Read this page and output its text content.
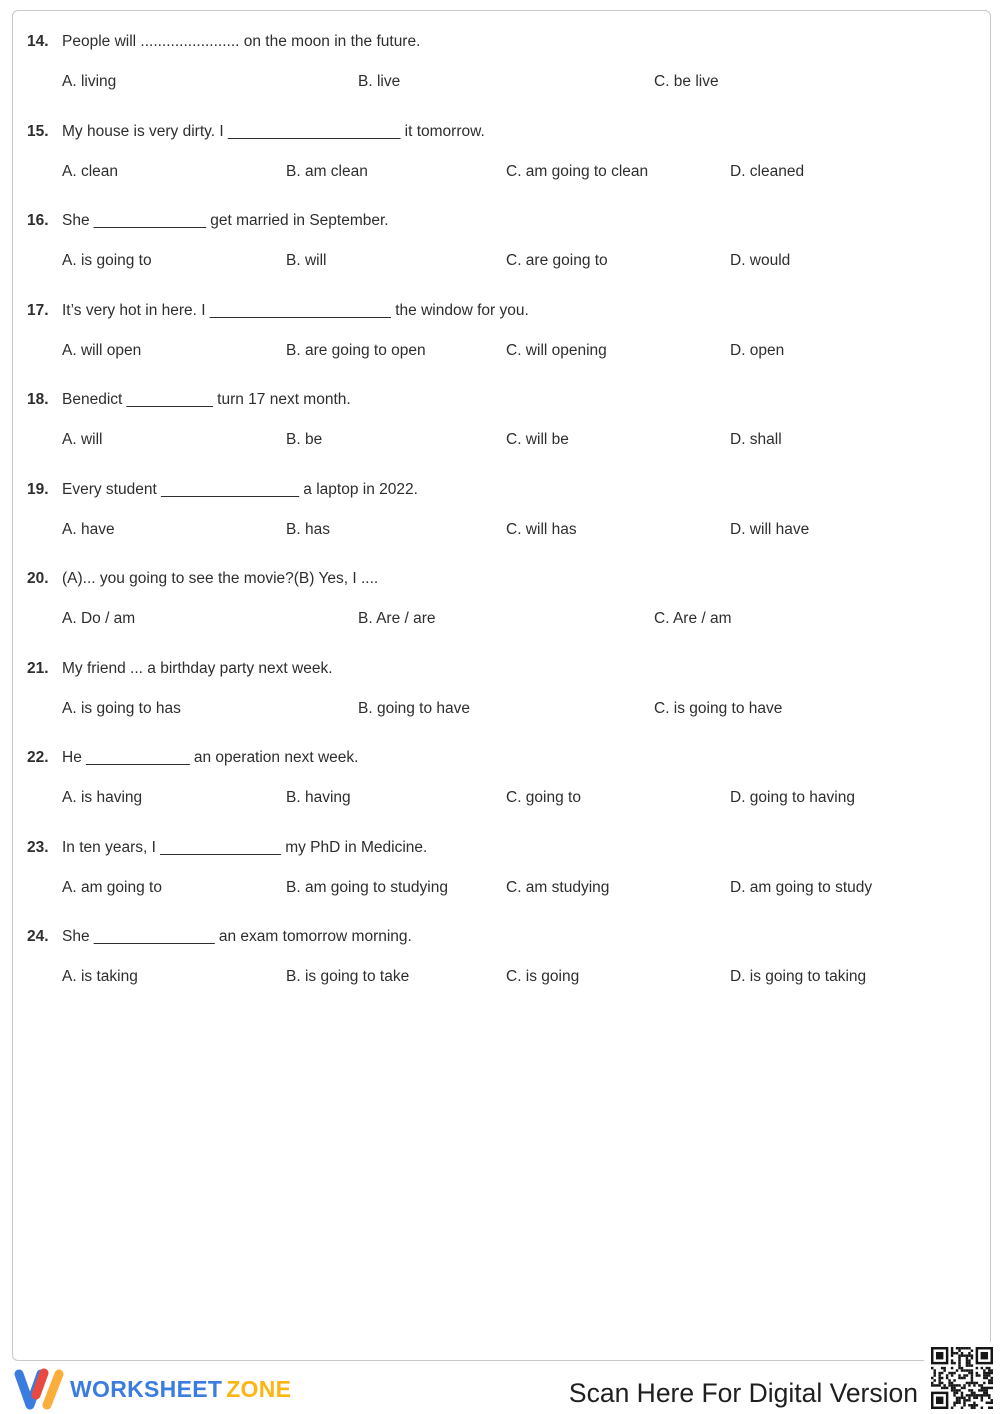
14. People will ....................... on the moon in the future.
A. living	B. live	C. be live
15. My house is very dirty. I ____________________ it tomorrow.
A. clean	B. am clean	C. am going to clean	D. cleaned
16. She _____________ get married in September.
A. is going to	B. will	C. are going to	D. would
17. It’s very hot in here. I _____________________ the window for you.
A. will open	B. are going to open	C. will opening	D. open
18. Benedict __________ turn 17 next month.
A. will	B. be	C. will be	D. shall
19. Every student ________________ a laptop in 2022.
A. have	B. has	C. will has	D. will have
20. (A)... you going to see the movie?(B) Yes, I ....
A. Do / am	B. Are / are	C. Are / am
21. My friend ... a birthday party next week.
A. is going to has	B. going to have	C. is going to have
22. He ____________ an operation next week.
A. is having	B. having	C. going to	D. going to having
23. In ten years, I ______________ my PhD in Medicine.
A. am going to	B. am going to studying	C. am studying	D. am going to study
24. She ______________ an exam tomorrow morning.
A. is taking	B. is going to take	C. is going	D. is going to taking
WORKSHEET ZONE	Scan Here For Digital Version
